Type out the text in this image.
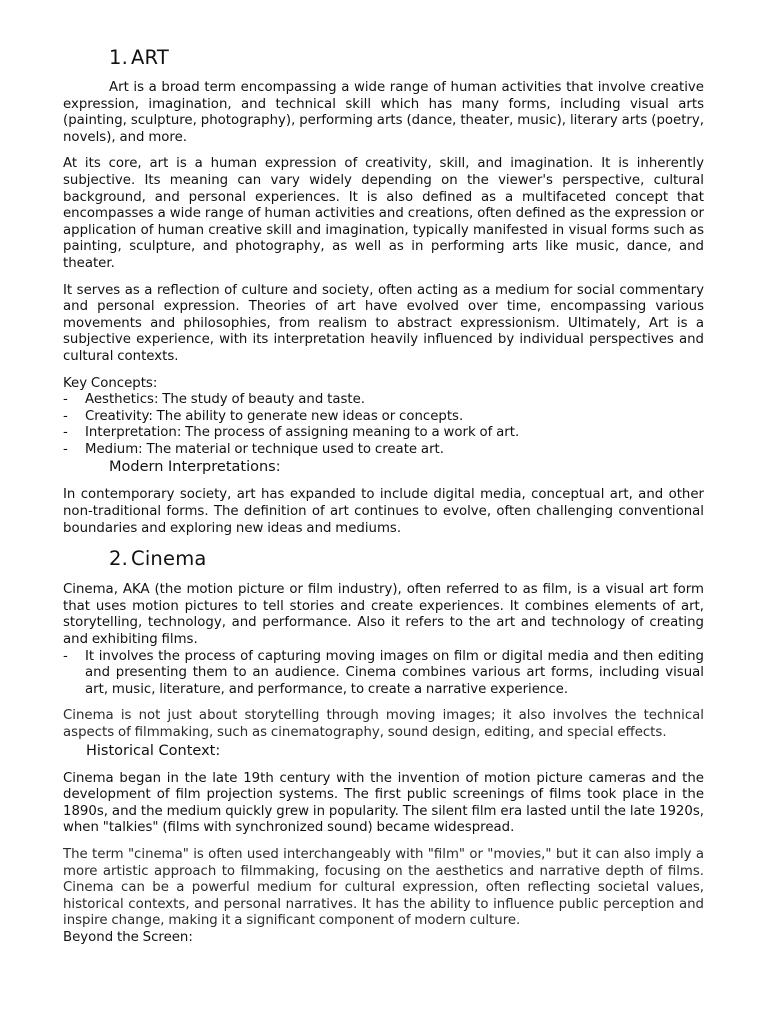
1. ART

Art is a broad term encompassing a wide range of human activities that involve creative expression, imagination, and technical skill which has many forms, including visual arts (painting, sculpture, photography), performing arts (dance, theater, music), literary arts (poetry, novels), and more.

At its core, art is a human expression of creativity, skill, and imagination. It is inherently subjective. Its meaning can vary widely depending on the viewer's perspective, cultural background, and personal experiences. It is also defined as a multifaceted concept that encompasses a wide range of human activities and creations, often defined as the expression or application of human creative skill and imagination, typically manifested in visual forms such as painting, sculpture, and photography, as well as in performing arts like music, dance, and theater.

It serves as a reflection of culture and society, often acting as a medium for social commentary and personal expression. Theories of art have evolved over time, encompassing various movements and philosophies, from realism to abstract expressionism. Ultimately, Art is a subjective experience, with its interpretation heavily influenced by individual perspectives and cultural contexts.

Key Concepts:

- Aesthetics: The study of beauty and taste.
- Creativity: The ability to generate new ideas or concepts.
- Interpretation: The process of assigning meaning to a work of art.
- Medium: The material or technique used to create art.
Modern Interpretations:

In contemporary society, art has expanded to include digital media, conceptual art, and other non-traditional forms. The definition of art continues to evolve, often challenging conventional boundaries and exploring new ideas and mediums.

2. Cinema

Cinema, AKA (the motion picture or film industry), often referred to as film, is a visual art form that uses motion pictures to tell stories and create experiences. It combines elements of art, storytelling, technology, and performance. Also it refers to the art and technology of creating and exhibiting films.

- It involves the process of capturing moving images on film or digital media and then editing and presenting them to an audience. Cinema combines various art forms, including visual art, music, literature, and performance, to create a narrative experience.

Cinema is not just about storytelling through moving images; it also involves the technical aspects of filmmaking, such as cinematography, sound design, editing, and special effects.

Historical Context:

Cinema began in the late 19th century with the invention of motion picture cameras and the development of film projection systems. The first public screenings of films took place in the 1890s, and the medium quickly grew in popularity. The silent film era lasted until the late 1920s, when "talkies" (films with synchronized sound) became widespread.

The term "cinema" is often used interchangeably with "film" or "movies," but it can also imply a more artistic approach to filmmaking, focusing on the aesthetics and narrative depth of films. Cinema can be a powerful medium for cultural expression, often reflecting societal values, historical contexts, and personal narratives. It has the ability to influence public perception and inspire change, making it a significant component of modern culture.

Beyond the Screen:
